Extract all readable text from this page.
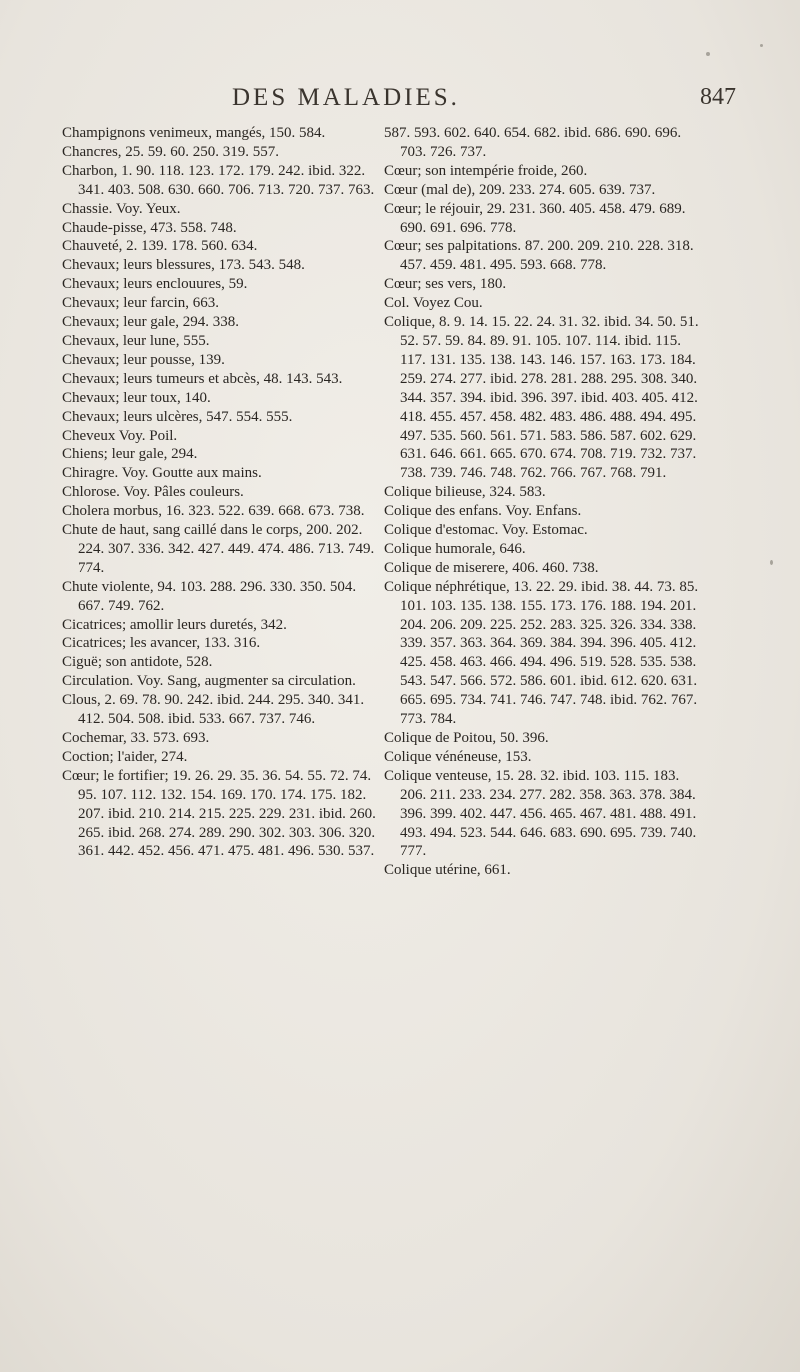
DES MALADIES.	847

Champignons venimeux, mangés, 150. 584.

Chancres, 25. 59. 60. 250. 319. 557.

Charbon, 1. 90. 118. 123. 172. 179. 242. ibid. 322. 341. 403. 508. 630. 660. 706. 713. 720. 737. 763.

Chassie. Voy. Yeux.

Chaude-pisse, 473. 558. 748.

Chauveté, 2. 139. 178. 560. 634.

Chevaux; leurs blessures, 173. 543. 548.

Chevaux; leurs enclouures, 59.

Chevaux; leur farcin, 663.

Chevaux; leur gale, 294. 338.

Chevaux, leur lune, 555.

Chevaux; leur pousse, 139.

Chevaux; leurs tumeurs et abcès, 48. 143. 543.

Chevaux; leur toux, 140.

Chevaux; leurs ulcères, 547. 554. 555.

Cheveux Voy. Poil.

Chiens; leur gale, 294.

Chiragre. Voy. Goutte aux mains.

Chlorose. Voy. Pâles couleurs.

Cholera morbus, 16. 323. 522. 639. 668. 673. 738.

Chute de haut, sang caillé dans le corps, 200. 202. 224. 307. 336. 342. 427. 449. 474. 486. 713. 749. 774.

Chute violente, 94. 103. 288. 296. 330. 350. 504. 667. 749. 762.

Cicatrices; amollir leurs duretés, 342.

Cicatrices; les avancer, 133. 316.

Ciguë; son antidote, 528.

Circulation. Voy. Sang, augmenter sa circulation.

Clous, 2. 69. 78. 90. 242. ibid. 244. 295. 340. 341. 412. 504. 508. ibid. 533. 667. 737. 746.

Cochemar, 33. 573. 693.

Coction; l'aider, 274.

Cœur; le fortifier; 19. 26. 29. 35. 36. 54. 55. 72. 74. 95. 107. 112. 132. 154. 169. 170. 174. 175. 182. 207. ibid. 210. 214. 215. 225. 229. 231. ibid. 260. 265. ibid. 268. 274. 289. 290. 302. 303. 306. 320. 361. 442. 452. 456. 471. 475. 481. 496. 530. 537.

587. 593. 602. 640. 654. 682. ibid. 686. 690. 696. 703. 726. 737.

Cœur; son intempérie froide, 260.

Cœur (mal de), 209. 233. 274. 605. 639. 737.

Cœur; le réjouir, 29. 231. 360. 405. 458. 479. 689. 690. 691. 696. 778.

Cœur; ses palpitations. 87. 200. 209. 210. 228. 318. 457. 459. 481. 495. 593. 668. 778.

Cœur; ses vers, 180.

Col. Voyez Cou.

Colique, 8. 9. 14. 15. 22. 24. 31. 32. ibid. 34. 50. 51. 52. 57. 59. 84. 89. 91. 105. 107. 114. ibid. 115. 117. 131. 135. 138. 143. 146. 157. 163. 173. 184. 259. 274. 277. ibid. 278. 281. 288. 295. 308. 340. 344. 357. 394. ibid. 396. 397. ibid. 403. 405. 412. 418. 455. 457. 458. 482. 483. 486. 488. 494. 495. 497. 535. 560. 561. 571. 583. 586. 587. 602. 629. 631. 646. 661. 665. 670. 674. 708. 719. 732. 737. 738. 739. 746. 748. 762. 766. 767. 768. 791.

Colique bilieuse, 324. 583.

Colique des enfans. Voy. Enfans.

Colique d'estomac. Voy. Estomac.

Colique humorale, 646.

Colique de miserere, 406. 460. 738.

Colique néphrétique, 13. 22. 29. ibid. 38. 44. 73. 85. 101. 103. 135. 138. 155. 173. 176. 188. 194. 201. 204. 206. 209. 225. 252. 283. 325. 326. 334. 338. 339. 357. 363. 364. 369. 384. 394. 396. 405. 412. 425. 458. 463. 466. 494. 496. 519. 528. 535. 538. 543. 547. 566. 572. 586. 601. ibid. 612. 620. 631. 665. 695. 734. 741. 746. 747. 748. ibid. 762. 767. 773. 784.

Colique de Poitou, 50. 396.

Colique vénéneuse, 153.

Colique venteuse, 15. 28. 32. ibid. 103. 115. 183. 206. 211. 233. 234. 277. 282. 358. 363. 378. 384. 396. 399. 402. 447. 456. 465. 467. 481. 488. 491. 493. 494. 523. 544. 646. 683. 690. 695. 739. 740. 777.

Colique utérine, 661.
